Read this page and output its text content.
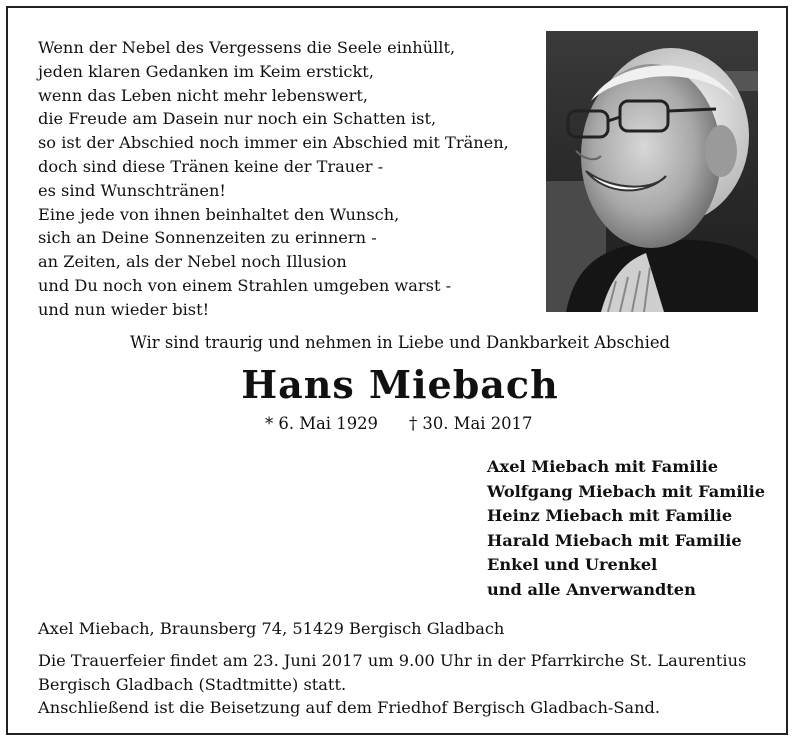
Wenn der Nebel des Vergessens die Seele einhüllt,
jeden klaren Gedanken im Keim erstickt,
wenn das Leben nicht mehr lebenswert,
die Freude am Dasein nur noch ein Schatten ist,
so ist der Abschied noch immer ein Abschied mit Tränen,
doch sind diese Tränen keine der Trauer -
es sind Wunschtränen!
Eine jede von ihnen beinhaltet den Wunsch,
sich an Deine Sonnenzeiten zu erinnern -
an Zeiten, als der Nebel noch Illusion
und Du noch von einem Strahlen umgeben warst -
und nun wieder bist!
Wir sind traurig und nehmen in Liebe und Dankbarkeit Abschied
Hans Miebach
* 6. Mai 1929 † 30. Mai 2017
Axel Miebach mit Familie
Wolfgang Miebach mit Familie
Heinz Miebach mit Familie
Harald Miebach mit Familie
Enkel und Urenkel
und alle Anverwandten
Axel Miebach, Braunsberg 74, 51429 Bergisch Gladbach
Die Trauerfeier findet am 23. Juni 2017 um 9.00 Uhr in der Pfarrkirche St. Laurentius
Bergisch Gladbach (Stadtmitte) statt.
Anschließend ist die Beisetzung auf dem Friedhof Bergisch Gladbach-Sand.
